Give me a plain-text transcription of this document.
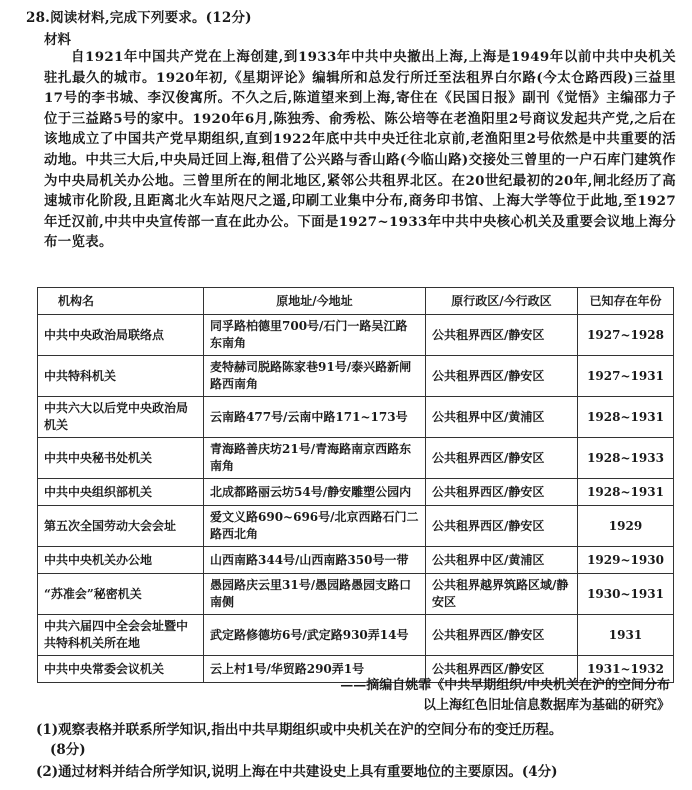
28.阅读材料,完成下列要求。(12分)
材料
自1921年中国共产党在上海创建,到1933年中共中央撤出上海,上海是1949年以前中共中央机关驻扎最久的城市。1920年初,《星期评论》编辑所和总发行所迁至法租界白尔路(今太仓路西段)三益里17号的李书城、李汉俊寓所。不久之后,陈道望来到上海,寄住在《民国日报》副刊《觉悟》主编邵力子位于三益路5号的家中。1920年6月,陈独秀、俞秀松、陈公培等在老渔阳里2号商议发起共产党,之后在该地成立了中国共产党早期组织,直到1922年底中共中央迁往北京前,老渔阳里2号依然是中共重要的活动地。中共三大后,中央局迁回上海,租借了公兴路与香山路(今临山路)交接处三曾里的一户石库门建筑作为中央局机关办公地。三曾里所在的闸北地区,紧邻公共租界北区。在20世纪最初的20年,闸北经历了高速城市化阶段,且距离北火车站咫尺之遥,印刷工业集中分布,商务印书馆、上海大学等位于此地,至1927年迁汉前,中共中央宣传部一直在此办公。下面是1927~1933年中共中央核心机关及重要会议地上海分布一览表。
机构名	原地址/今地址	原行政区/今行政区	已知存在年份
中共中央政治局联络点	同孚路柏德里700号/石门一路吴江路东南角	公共租界西区/静安区	1927~1928
中共特科机关	麦特赫司脱路陈家巷91号/泰兴路新闸路西南角	公共租界西区/静安区	1927~1931
中共六大以后党中央政治局机关	云南路477号/云南中路171~173号	公共租界中区/黄浦区	1928~1931
中共中央秘书处机关	青海路善庆坊21号/青海路南京西路东南角	公共租界西区/静安区	1928~1933
中共中央组织部机关	北成都路丽云坊54号/静安雕塑公园内	公共租界西区/静安区	1928~1931
第五次全国劳动大会会址	爱文义路690~696号/北京西路石门二路西北角	公共租界西区/静安区	1929
中共中央机关办公地	山西南路344号/山西南路350号一带	公共租界中区/黄浦区	1929~1930
“苏准会”秘密机关	愚园路庆云里31号/愚园路愚园支路口南侧	公共租界越界筑路区域/静安区	1930~1931
中共六届四中全会会址暨中共特科机关所在地	武定路修德坊6号/武定路930弄14号	公共租界西区/静安区	1931
中共中央常委会议机关	云上村1号/华贸路290弄1号	公共租界西区/静安区	1931~1932
——摘编自姚霏《中共早期组织/中央机关在沪的空间分布
以上海红色旧址信息数据库为基础的研究》
(1)观察表格并联系所学知识,指出中共早期组织或中央机关在沪的空间分布的变迁历程。
(8分)
(2)通过材料并结合所学知识,说明上海在中共建设史上具有重要地位的主要原因。(4分)
